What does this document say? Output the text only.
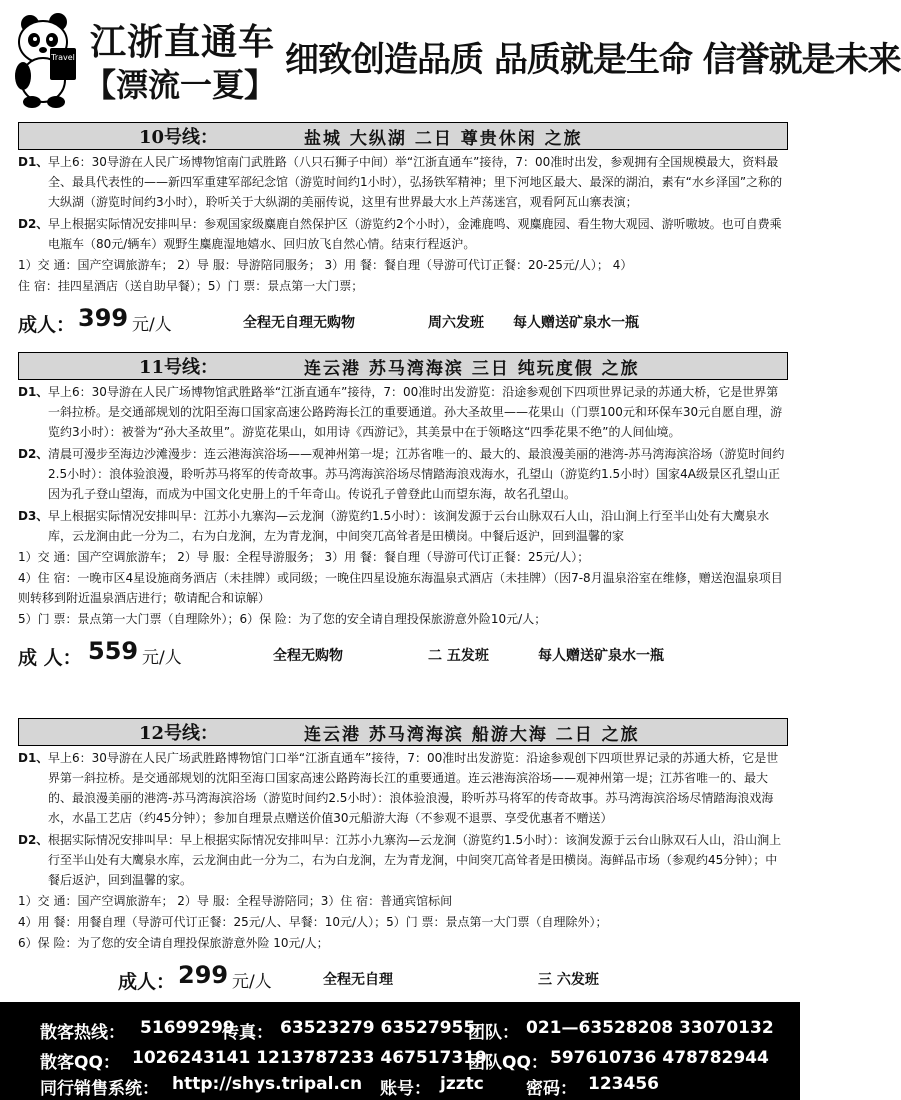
Travel 江浙直通车
【漂流一夏】
细致创造品质 品质就是生命 信誉就是未来
10号线：	盐城 大纵湖 二日 尊贵休闲 之旅
D1、 早上6：30导游在人民广场博物馆南门武胜路（八只石狮子中间）举“江浙直通车”接待，7：00准时出发，参观拥有全国规模最大，资料最全、最具代表性的——新四军重建军部纪念馆（游览时间约1小时），弘扬铁军精神；里下河地区最大、最深的湖泊，素有“水乡泽国”之称的大纵湖（游览时间约3小时），聆听关于大纵湖的美丽传说，这里有世界最大水上芦荡迷宫，观看阿瓦山寨表演；
D2、 早上根据实际情况安排叫早：参观国家级麋鹿自然保护区（游览约2个小时），金滩鹿鸣、观麋鹿园、看生物大观园、游听嗷坡。也可自费乘电瓶车（80元/辆车）观野生麋鹿湿地嬉水、回归放飞自然心情。结束行程返沪。
1）交 通：国产空调旅游车； 2）导 服：导游陪同服务； 3）用 餐：餐自理（导游可代订正餐：20-25元/人）； 4）
住 宿：挂四星酒店（送自助早餐）；5）门 票：景点第一大门票；
成人： 399 元/人	全程无自理无购物	周六发班 每人赠送矿泉水一瓶
11号线：	连云港 苏马湾海滨 三日 纯玩度假 之旅
D1、 早上6：30导游在人民广场博物馆武胜路举“江浙直通车”接待，7：00准时出发游览：沿途参观创下四项世界记录的苏通大桥，它是世界第一斜拉桥。是交通部规划的沈阳至海口国家高速公路跨海长江的重要通道。孙大圣故里——花果山（门票100元和环保车30元自愿自理，游览约3小时）：被誉为“孙大圣故里”。游览花果山，如用诗《西游记》，其美景中在于领略这“四季花果不绝”的人间仙境。
D2、 清晨可漫步至海边沙滩漫步：连云港海滨浴场——观神州第一堤；江苏省唯一的、最大的、最浪漫美丽的港湾-苏马湾海滨浴场（游览时间约2.5小时）：浪体验浪漫，聆听苏马将军的传奇故事。苏马湾海滨浴场尽情踏海浪戏海水，孔望山（游览约1.5小时）国家4A级景区孔望山正因为孔子登山望海，而成为中国文化史册上的千年奇山。传说孔子曾登此山而望东海，故名孔望山。
D3、 早上根据实际情况安排叫早：江苏小九寨沟—云龙涧（游览约1.5小时）：该涧发源于云台山脉双石人山，沿山涧上行至半山处有大鹰泉水库，云龙涧由此一分为二，右为白龙涧，左为青龙涧，中间突兀高耸者是田横岗。中餐后返沪，回到温馨的家
1）交 通：国产空调旅游车； 2）导 服：全程导游服务； 3）用 餐：餐自理（导游可代订正餐：25元/人）；
4）住 宿：一晚市区4星设施商务酒店（未挂牌）或同级；一晚住四星设施东海温泉式酒店（未挂牌）（因7-8月温泉浴室在维修，赠送泡温泉项目则转移到附近温泉酒店进行；敬请配合和谅解）
5）门 票：景点第一大门票（自理除外）；6）保 险：为了您的安全请自理投保旅游意外险10元/人；
成 人： 559 元/人	全程无购物	二 五发班	每人赠送矿泉水一瓶
12号线：	连云港 苏马湾海滨 船游大海 二日 之旅
D1、 早上6：30导游在人民广场武胜路博物馆门口举“江浙直通车”接待，7：00准时出发游览：沿途参观创下四项世界记录的苏通大桥，它是世界第一斜拉桥。是交通部规划的沈阳至海口国家高速公路跨海长江的重要通道。连云港海滨浴场——观神州第一堤；江苏省唯一的、最大的、最浪漫美丽的港湾-苏马湾海滨浴场（游览时间约2.5小时）：浪体验浪漫，聆听苏马将军的传奇故事。苏马湾海滨浴场尽情踏海浪戏海水，水晶工艺店（约45分钟）；参加自理景点赠送价值30元船游大海（不参观不退票、享受优惠者不赠送）
D2、 根据实际情况安排叫早：早上根据实际情况安排叫早：江苏小九寨沟—云龙涧（游览约1.5小时）：该涧发源于云台山脉双石人山，沿山涧上行至半山处有大鹰泉水库，云龙涧由此一分为二，右为白龙涧，左为青龙涧，中间突兀高耸者是田横岗。海鲜品市场（参观约45分钟）；中餐后返沪，回到温馨的家。
1）交 通：国产空调旅游车； 2）导 服：全程导游陪同；3）住 宿：普通宾馆标间
4）用 餐：用餐自理（导游可代订正餐：25元/人、早餐：10元/人）；5）门 票：景点第一大门票（自理除外）；
6）保 险：为了您的安全请自理投保旅游意外险 10元/人；
成人： 299 元/人	全程无自理	三 六发班
散客热线： 51699299
传真： 63523279 63527955
团队： 021—63528208 33070132
散客QQ： 1026243141 1213787233 467517319
团队QQ： 597610736 478782944
同行销售系统： http://shys.tripal.cn 账号： jzztc 密码： 123456
